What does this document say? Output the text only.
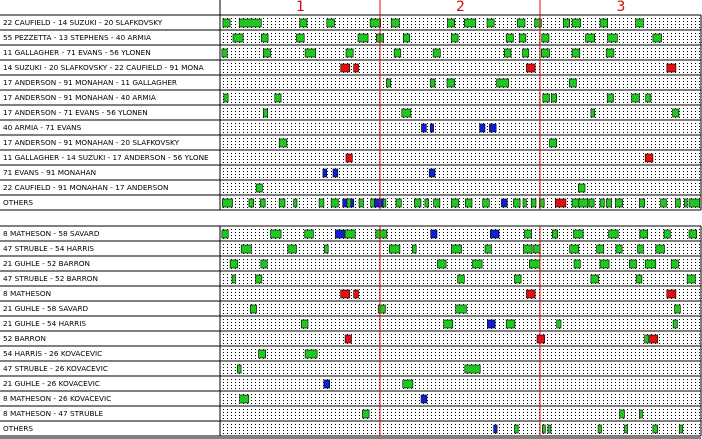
22 CAUFIELD - 14 SUZUKI - 20 SLAFKOVSKY
55 PEZZETTA - 13 STEPHENS - 40 ARMIA
11 GALLAGHER - 71 EVANS - 56 YLONEN
14 SUZUKI - 20 SLAFKOVSKY - 22 CAUFIELD - 91 MONA
17 ANDERSON - 91 MONAHAN - 11 GALLAGHER
17 ANDERSON - 91 MONAHAN - 40 ARMIA
17 ANDERSON - 71 EVANS - 56 YLONEN
40 ARMIA - 71 EVANS
17 ANDERSON - 91 MONAHAN - 20 SLAFKOVSKY
11 GALLAGHER - 14 SUZUKI - 17 ANDERSON - 56 YLONE
71 EVANS - 91 MONAHAN
22 CAUFIELD - 91 MONAHAN - 17 ANDERSON
OTHERS
8 MATHESON - 58 SAVARD
47 STRUBLE - 54 HARRIS
21 GUHLE - 52 BARRON
47 STRUBLE - 52 BARRON
8 MATHESON
21 GUHLE - 58 SAVARD
21 GUHLE - 54 HARRIS
52 BARRON
54 HARRIS - 26 KOVACEVIC
47 STRUBLE - 26 KOVACEVIC
21 GUHLE - 26 KOVACEVIC
8 MATHESON - 26 KOVACEVIC
8 MATHESON - 47 STRUBLE
OTHERS
1	2	3
